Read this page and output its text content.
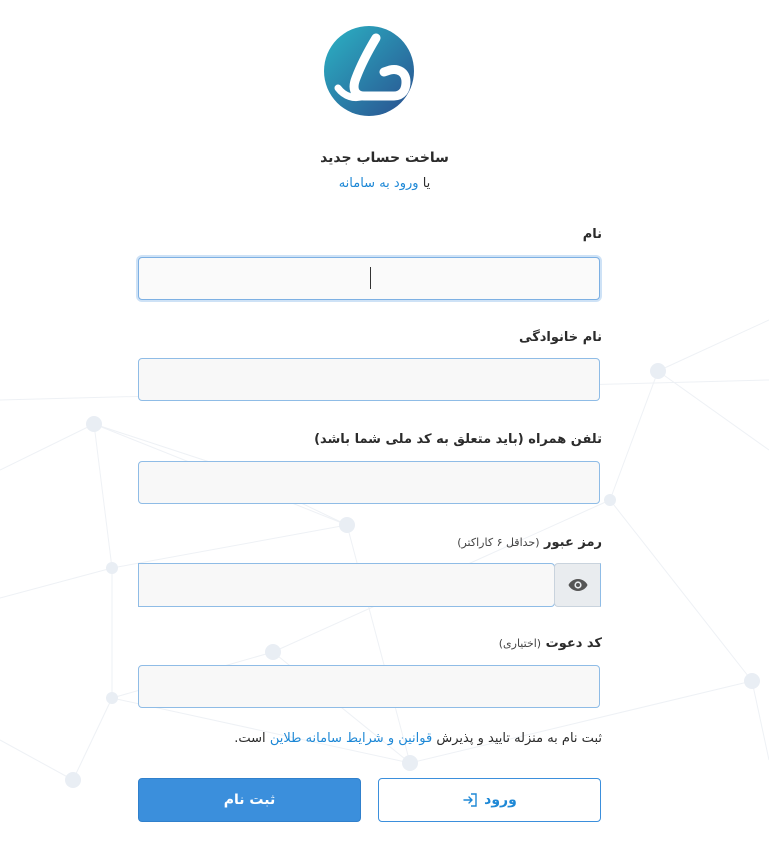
ساخت حساب جدید
یا ورود به سامانه
نام
نام خانوادگی
تلفن همراه (باید متعلق به کد ملی شما باشد)
رمز عبور (حداقل ۶ کاراکتر)
کد دعوت (اختیاری)
ثبت نام به منزله تایید و پذیرش قوانین و شرایط سامانه طلاین است.
ثبت نام	ورود
